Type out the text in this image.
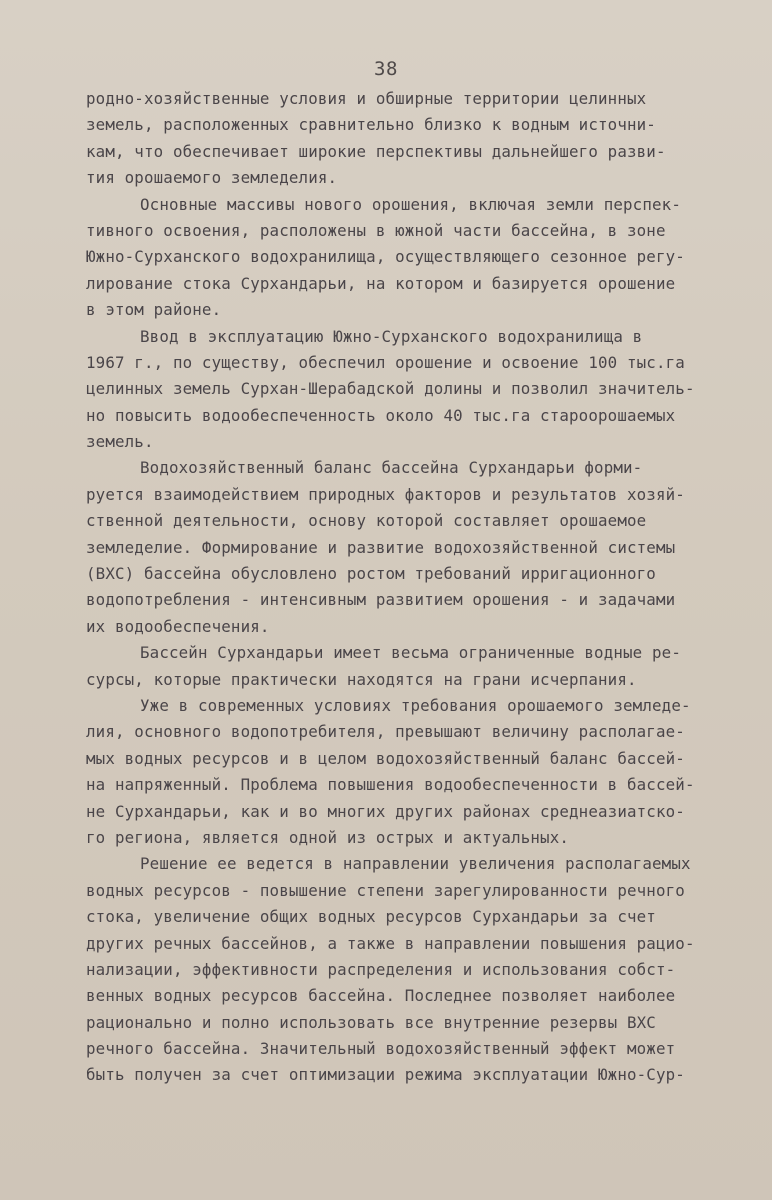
38
родно-хозяйственные условия и обширные территории целинных
земель, расположенных сравнительно близко к водным источни-
кам, что обеспечивает широкие перспективы дальнейшего разви-
тия орошаемого земледелия.
Основные массивы нового орошения, включая земли перспек-
тивного освоения, расположены в южной части бассейна, в зоне
Южно-Сурханского водохранилища, осуществляющего сезонное регу-
лирование стока Сурхандарьи, на котором и базируется орошение
в этом районе.
Ввод в эксплуатацию Южно-Сурханского водохранилища в
1967 г., по существу, обеспечил орошение и освоение 100 тыс.га
целинных земель Сурхан-Шерабадской долины и позволил значитель-
но повысить водообеспеченность около 40 тыс.га староорошаемых
земель.
Водохозяйственный баланс бассейна Сурхандарьи форми-
руется взаимодействием природных факторов и результатов хозяй-
ственной деятельности, основу которой составляет орошаемое
земледелие. Формирование и развитие водохозяйственной системы
(ВХС) бассейна обусловлено ростом требований ирригационного
водопотребления - интенсивным развитием орошения - и задачами
их водообеспечения.
Бассейн Сурхандарьи имеет весьма ограниченные водные ре-
сурсы, которые практически находятся на грани исчерпания.
Уже в современных условиях требования орошаемого земледе-
лия, основного водопотребителя, превышают величину располагае-
мых водных ресурсов и в целом водохозяйственный баланс бассей-
на напряженный. Проблема повышения водообеспеченности в бассей-
не Сурхандарьи, как и во многих других районах среднеазиатско-
го региона, является одной из острых и актуальных.
Решение ее ведется в направлении увеличения располагаемых
водных ресурсов - повышение степени зарегулированности речного
стока, увеличение общих водных ресурсов Сурхандарьи за счет
других речных бассейнов, а также в направлении повышения рацио-
нализации, эффективности распределения и использования собст-
венных водных ресурсов бассейна. Последнее позволяет наиболее
рационально и полно использовать все внутренние резервы ВХС
речного бассейна. Значительный водохозяйственный эффект может
быть получен за счет оптимизации режима эксплуатации Южно-Сур-
